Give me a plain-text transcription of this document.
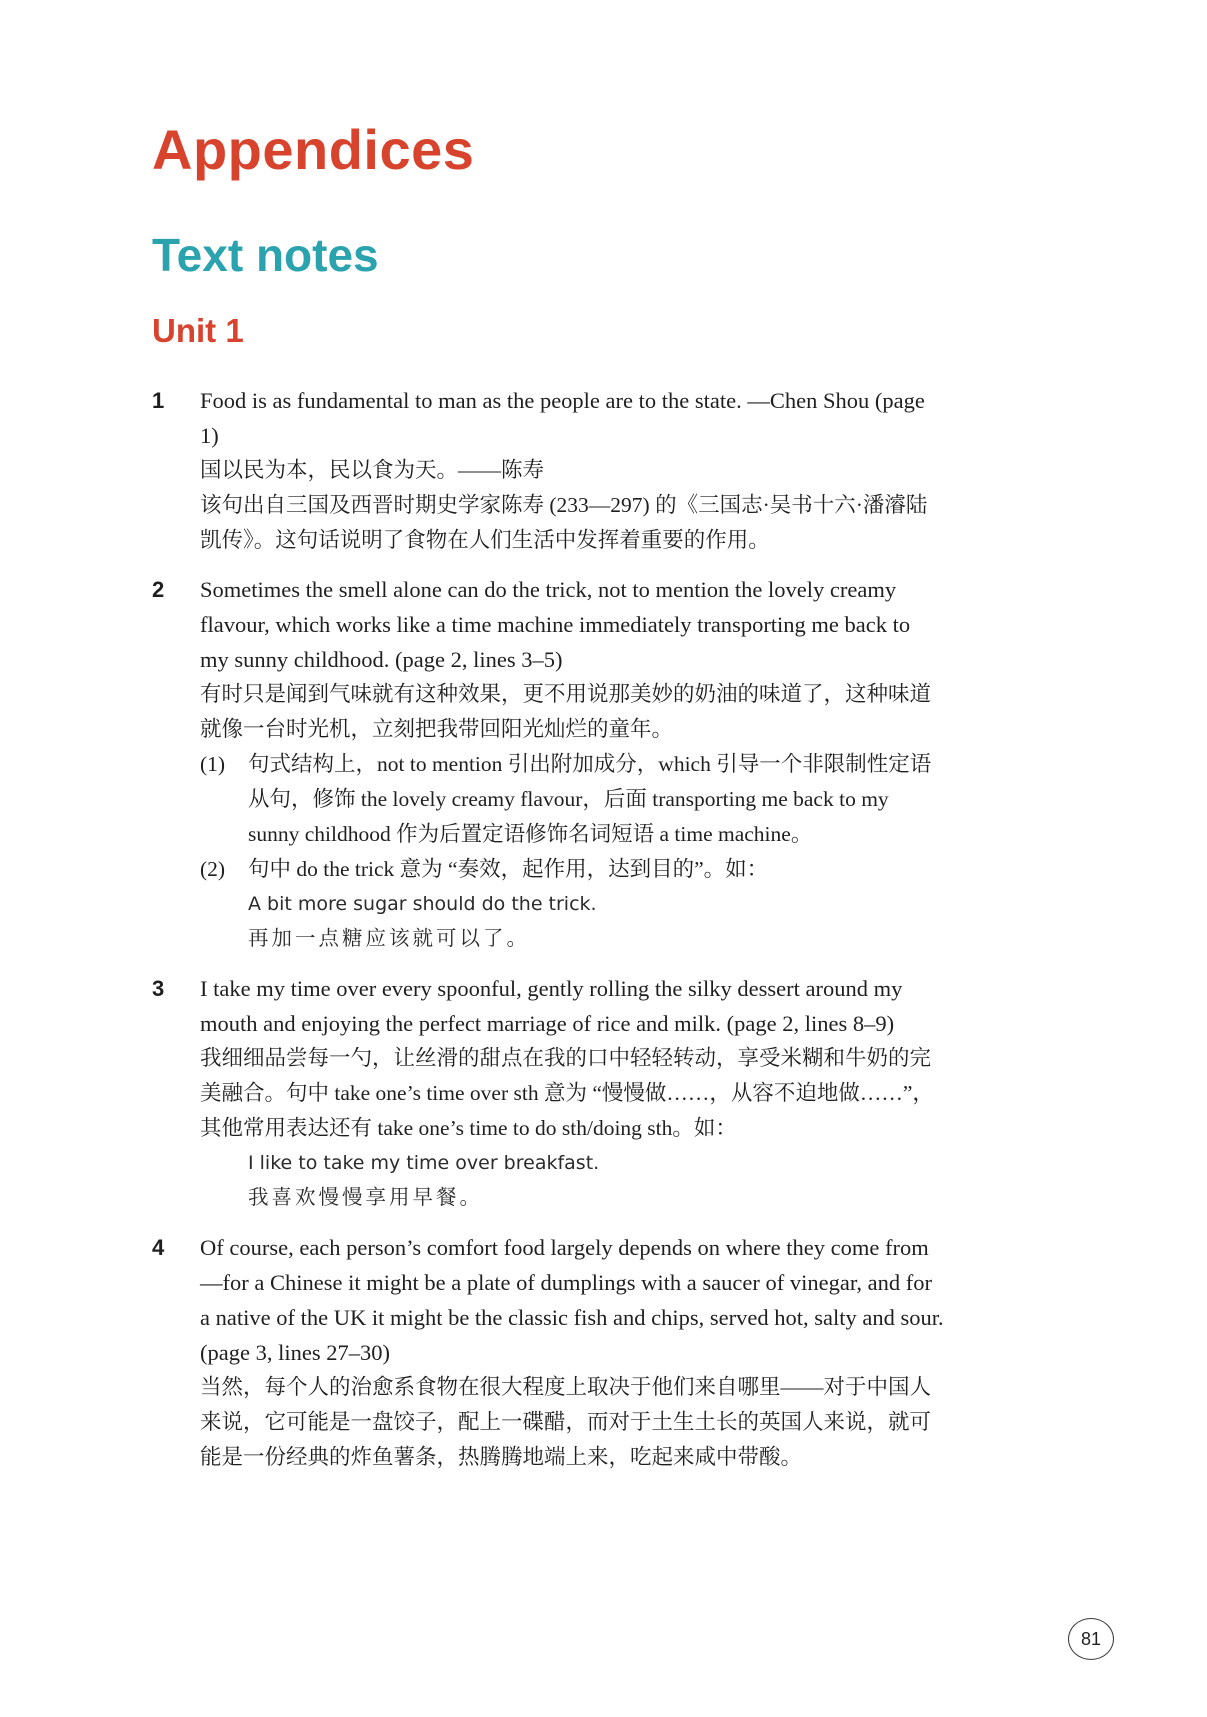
Appendices
Text notes
Unit 1
1	Food is as fundamental to man as the people are to the state. —Chen Shou (page 1)
国以民为本，民以食为天。——陈寿
该句出自三国及西晋时期史学家陈寿 (233—297) 的《三国志·吴书十六·潘濬陆凯传》。这句话说明了食物在人们生活中发挥着重要的作用。
2	Sometimes the smell alone can do the trick, not to mention the lovely creamy flavour, which works like a time machine immediately transporting me back to my sunny childhood. (page 2, lines 3–5)
有时只是闻到气味就有这种效果，更不用说那美妙的奶油的味道了，这种味道就像一台时光机，立刻把我带回阳光灿烂的童年。
(1)	句式结构上，not to mention 引出附加成分，which 引导一个非限制性定语从句，修饰 the lovely creamy flavour，后面 transporting me back to my sunny childhood 作为后置定语修饰名词短语 a time machine。
(2)	句中 do the trick 意为 “奏效，起作用，达到目的”。如：
A bit more sugar should do the trick.
再加一点糖应该就可以了。
3	I take my time over every spoonful, gently rolling the silky dessert around my mouth and enjoying the perfect marriage of rice and milk. (page 2, lines 8–9)
我细细品尝每一勺，让丝滑的甜点在我的口中轻轻转动，享受米糊和牛奶的完美融合。句中 take one’s time over sth 意为 “慢慢做……，从容不迫地做……”，其他常用表达还有 take one’s time to do sth/doing sth。如：
I like to take my time over breakfast.
我喜欢慢慢享用早餐。
4	Of course, each person’s comfort food largely depends on where they come from—for a Chinese it might be a plate of dumplings with a saucer of vinegar, and for a native of the UK it might be the classic fish and chips, served hot, salty and sour. (page 3, lines 27–30)
当然，每个人的治愈系食物在很大程度上取决于他们来自哪里——对于中国人来说，它可能是一盘饺子，配上一碟醋，而对于土生土长的英国人来说，就可能是一份经典的炸鱼薯条，热腾腾地端上来，吃起来咸中带酸。
81
